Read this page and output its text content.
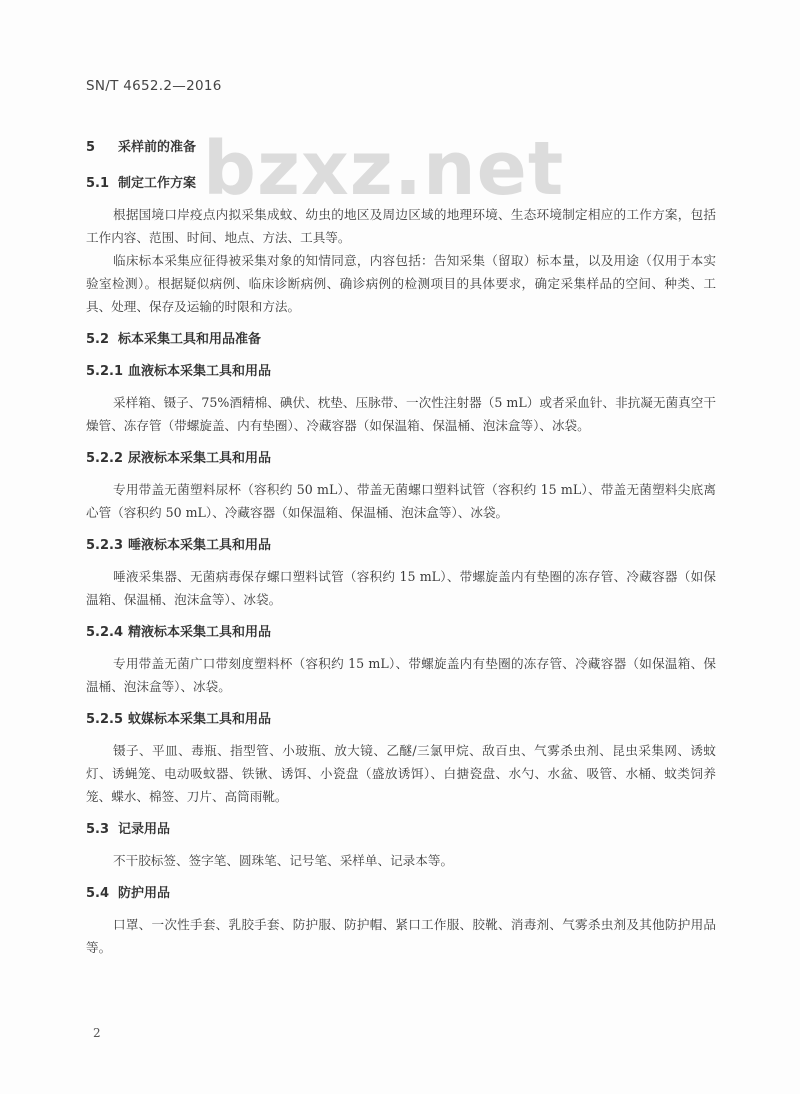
SN/T 4652.2—2016
bzxz.net
5 采样前的准备
5.1 制定工作方案
根据国境口岸疫点内拟采集成蚊、幼虫的地区及周边区域的地理环境、生态环境制定相应的工作方案，包括工作内容、范围、时间、地点、方法、工具等。
临床标本采集应征得被采集对象的知情同意，内容包括：告知采集（留取）标本量，以及用途（仅用于本实验室检测）。根据疑似病例、临床诊断病例、确诊病例的检测项目的具体要求，确定采集样品的空间、种类、工具、处理、保存及运输的时限和方法。
5.2 标本采集工具和用品准备
5.2.1 血液标本采集工具和用品
采样箱、镊子、75%酒精棉、碘伏、枕垫、压脉带、一次性注射器（5 mL）或者采血针、非抗凝无菌真空干燥管、冻存管（带螺旋盖、内有垫圈）、冷藏容器（如保温箱、保温桶、泡沫盒等）、冰袋。
5.2.2 尿液标本采集工具和用品
专用带盖无菌塑料尿杯（容积约 50 mL）、带盖无菌螺口塑料试管（容积约 15 mL）、带盖无菌塑料尖底离心管（容积约 50 mL）、冷藏容器（如保温箱、保温桶、泡沫盒等）、冰袋。
5.2.3 唾液标本采集工具和用品
唾液采集器、无菌病毒保存螺口塑料试管（容积约 15 mL）、带螺旋盖内有垫圈的冻存管、冷藏容器（如保温箱、保温桶、泡沫盒等）、冰袋。
5.2.4 精液标本采集工具和用品
专用带盖无菌广口带刻度塑料杯（容积约 15 mL）、带螺旋盖内有垫圈的冻存管、冷藏容器（如保温箱、保温桶、泡沫盒等）、冰袋。
5.2.5 蚊媒标本采集工具和用品
镊子、平皿、毒瓶、指型管、小玻瓶、放大镜、乙醚/三氯甲烷、敌百虫、气雾杀虫剂、昆虫采集网、诱蚊灯、诱蝇笼、电动吸蚊器、铁锹、诱饵、小瓷盘（盛放诱饵）、白搪瓷盘、水勺、水盆、吸管、水桶、蚊类饲养笼、蝶水、棉签、刀片、高筒雨靴。
5.3 记录用品
不干胶标签、签字笔、圆珠笔、记号笔、采样单、记录本等。
5.4 防护用品
口罩、一次性手套、乳胶手套、防护服、防护帽、紧口工作服、胶靴、消毒剂、气雾杀虫剂及其他防护用品等。
2
